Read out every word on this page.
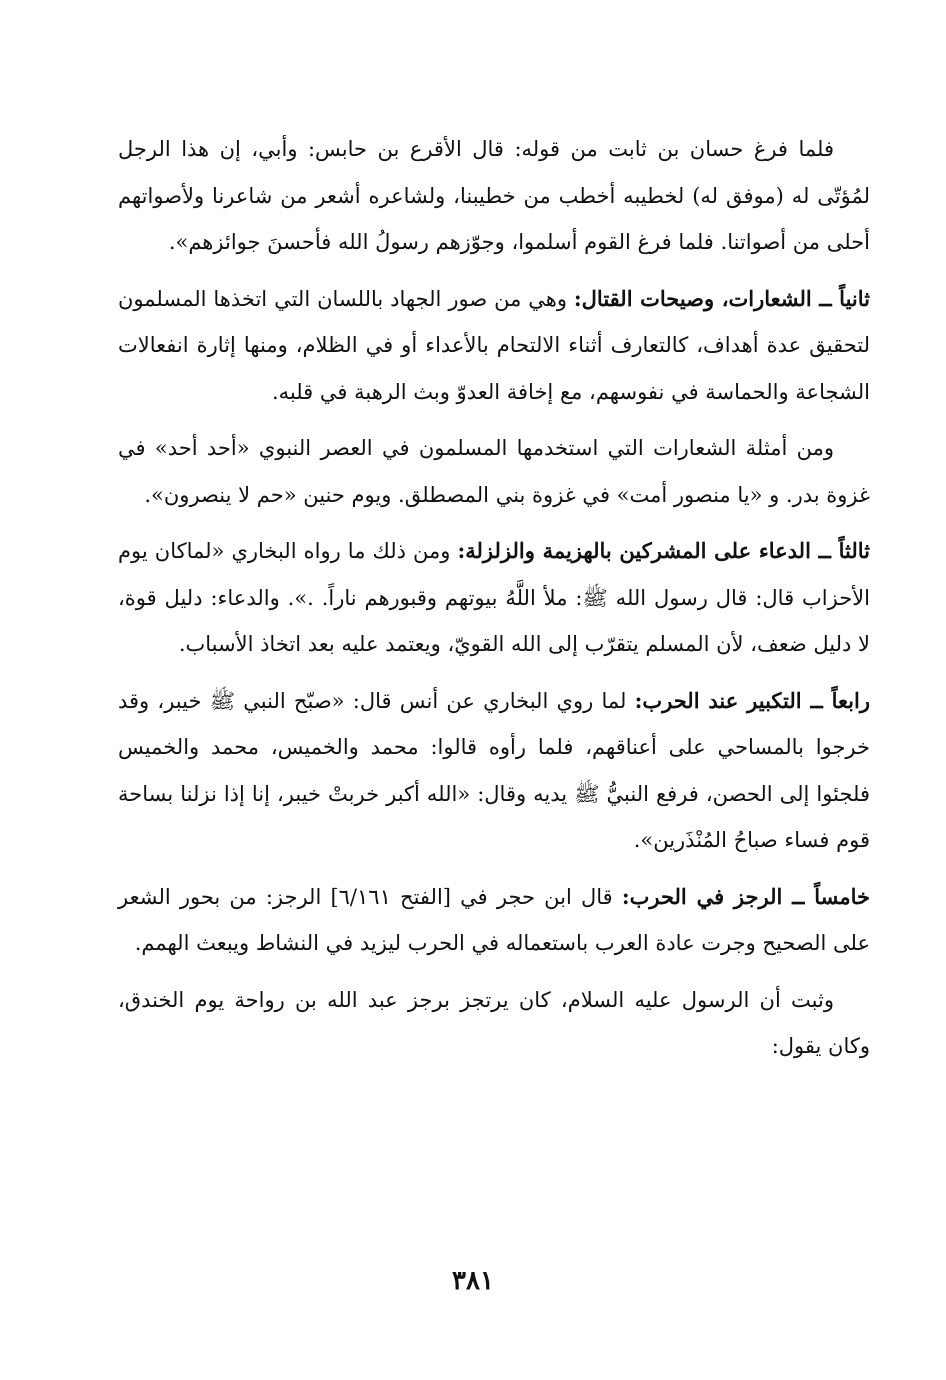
فلما فرغ حسان بن ثابت من قوله: قال الأقرع بن حابس: وأبي، إن هذا الرجل لمُؤتّى له (موفق له) لخطيبه أخطب من خطيبنا، ولشاعره أشعر من شاعرنا ولأصواتهم أحلى من أصواتنا. فلما فرغ القوم أسلموا، وجوّزهم رسولُ الله فأحسنَ جوائزهم».

ثانياً ــ الشعارات، وصيحات القتال: وهي من صور الجهاد باللسان التي اتخذها المسلمون لتحقيق عدة أهداف، كالتعارف أثناء الالتحام بالأعداء أو في الظلام، ومنها إثارة انفعالات الشجاعة والحماسة في نفوسهم، مع إخافة العدوّ وبث الرهبة في قلبه.

ومن أمثلة الشعارات التي استخدمها المسلمون في العصر النبوي «أحد أحد» في غزوة بدر. و «يا منصور أمت» في غزوة بني المصطلق. ويوم حنين «حم لا ينصرون».

ثالثاً ــ الدعاء على المشركين بالهزيمة والزلزلة: ومن ذلك ما رواه البخاري «لماكان يوم الأحزاب قال: قال رسول الله ﷺ: ملأ اللَّهُ بيوتهم وقبورهم ناراً. .». والدعاء: دليل قوة، لا دليل ضعف، لأن المسلم يتقرّب إلى الله القويّ، ويعتمد عليه بعد اتخاذ الأسباب.

رابعاً ــ التكبير عند الحرب: لما روي البخاري عن أنس قال: «صبّح النبي ﷺ خيبر، وقد خرجوا بالمساحي على أعناقهم، فلما رأوه قالوا: محمد والخميس، محمد والخميس فلجئوا إلى الحصن، فرفع النبيُّ ﷺ يديه وقال: «الله أكبر خربتْ خيبر، إنا إذا نزلنا بساحة قوم فساء صباحُ المُنْذَرين».

خامساً ــ الرجز في الحرب: قال ابن حجر في [الفتح ٦/١٦١] الرجز: من بحور الشعر على الصحيح وجرت عادة العرب باستعماله في الحرب ليزيد في النشاط ويبعث الهمم.

وثبت أن الرسول عليه السلام، كان يرتجز برجز عبد الله بن رواحة يوم الخندق، وكان يقول:

٣٨١
